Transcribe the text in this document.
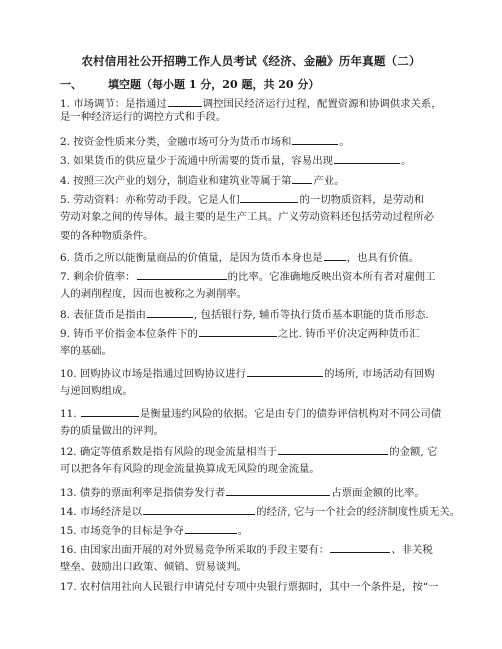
农村信用社公开招聘工作人员考试《经济、金融》历年真题（二）
一、 填空题（每小题 1 分，20 题，共 20 分）
1. 市场调节：是指通过	调控国民经济运行过程，配置资源和协调供求关系，
是一种经济运行的调控方式和手段。
2. 按资金性质来分类，金融市场可分为货币市场和	。
3. 如果货币的供应量少于流通中所需要的货币量，容易出现	。
4. 按照三次产业的划分，制造业和建筑业等属于第 产业。
5. 劳动资料：亦称劳动手段。它是人们	的一切物质资料，是劳动和
劳动对象之间的传导体。最主要的是生产工具。广义劳动资料还包括劳动过程所必
要的各种物质条件。
6. 货币之所以能衡量商品的价值量，是因为货币本身也是 ，也具有价值。
7. 剩余价值率：	的比率。它准确地反映出资本所有者对雇佣工
人的剥削程度，因而也被称之为剥削率。
8. 表征货币是指由	, 包括银行券, 辅币等执行货币基本职能的货币形态.
9. 铸币平价指金本位条件下的	之比. 铸币平价决定两种货币汇
率的基础。
10. 回购协议市场是指通过回购协议进行	的场所, 市场活动有回购
与逆回购组成。
11.	是衡量违约风险的依据。它是由专门的债券评信机构对不同公司债
券的质量做出的评判。
12. 确定等值系数是指有风险的现金流量相当于	的金额, 它
可以把各年有风险的现金流量换算成无风险的现金流量。
13. 债券的票面利率是指债券发行者	占票面金额的比率。
14. 市场经济是以	的经济, 它与一个社会的经济制度性质无关。
15. 市场竞争的目标是争夺	。
16. 由国家出面开展的对外贸易竞争所采取的手段主要有：	、非关税
壁垒、鼓励出口政策、倾销、贸易谈判。
17. 农村信用社向人民银行申请兑付专项中央银行票据时，其中一个条件是，按“一
